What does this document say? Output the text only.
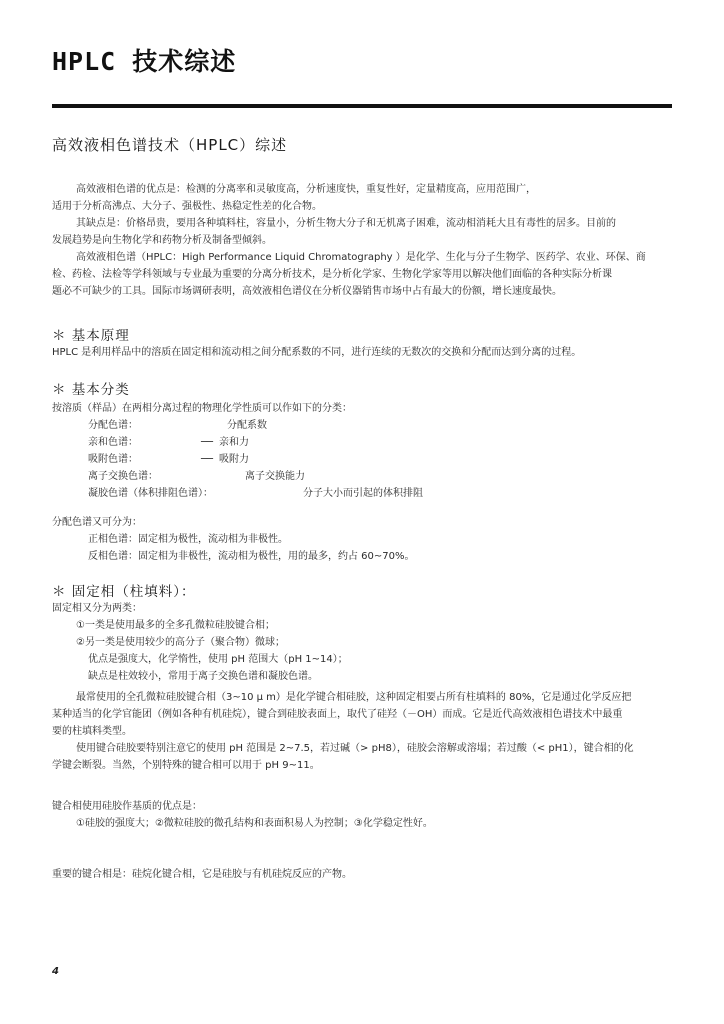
HPLC 技术综述
高效液相色谱技术（HPLC）综述

高效液相色谱的优点是：检测的分离率和灵敏度高，分析速度快，重复性好，定量精度高，应用范围广，

适用于分析高沸点、大分子、强极性、热稳定性差的化合物。

其缺点是：价格昂贵，要用各种填料柱，容量小，分析生物大分子和无机离子困难，流动相消耗大且有毒性的居多。目前的

发展趋势是向生物化学和药物分析及制备型倾斜。

高效液相色谱（HPLC：High Performance Liquid Chromatography ）是化学、生化与分子生物学、医药学、农业、环保、商

检、药检、法检等学科领域与专业最为重要的分离分析技术，是分析化学家、生物化学家等用以解决他们面临的各种实际分析课

题必不可缺少的工具。国际市场调研表明，高效液相色谱仪在分析仪器销售市场中占有最大的份额，增长速度最快。

＊ 基本原理

HPLC 是利用样品中的溶质在固定相和流动相之间分配系数的不同，进行连续的无数次的交换和分配而达到分离的过程。

＊ 基本分类

按溶质（样品）在两相分离过程的物理化学性质可以作如下的分类：

分配色谱：		分配系数
亲和色谱：	──	亲和力
吸附色谱：	──	吸附力
离子交换色谱：		离子交换能力
凝胶色谱（体积排阻色谱）：		分子大小而引起的体积排阻

分配色谱又可分为：

正相色谱：固定相为极性，流动相为非极性。

反相色谱：固定相为非极性，流动相为极性，用的最多，约占 60~70%。

＊ 固定相（柱填料）：

固定相又分为两类：

①一类是使用最多的全多孔微粒硅胶键合相；

②另一类是使用较少的高分子（聚合物）微球；

优点是强度大，化学惰性，使用 pH 范围大（pH 1~14）；

缺点是柱效较小，常用于离子交换色谱和凝胶色谱。

最常使用的全孔微粒硅胶键合相（3~10 μ m）是化学键合相硅胶，这种固定相要占所有柱填料的 80%，它是通过化学反应把

某种适当的化学官能团（例如各种有机硅烷），键合到硅胶表面上，取代了硅羟（－OH）而成。它是近代高效液相色谱技术中最重

要的柱填料类型。

使用键合硅胶要特别注意它的使用 pH 范围是 2~7.5，若过碱（> pH8），硅胶会溶解或溶塌；若过酸（< pH1），键合相的化

学键会断裂。当然，个别特殊的键合相可以用于 pH 9~11。

键合相使用硅胶作基质的优点是：

①硅胶的强度大；②微粒硅胶的微孔结构和表面积易人为控制；③化学稳定性好。

重要的键合相是：硅烷化键合相，它是硅胶与有机硅烷反应的产物。

4
